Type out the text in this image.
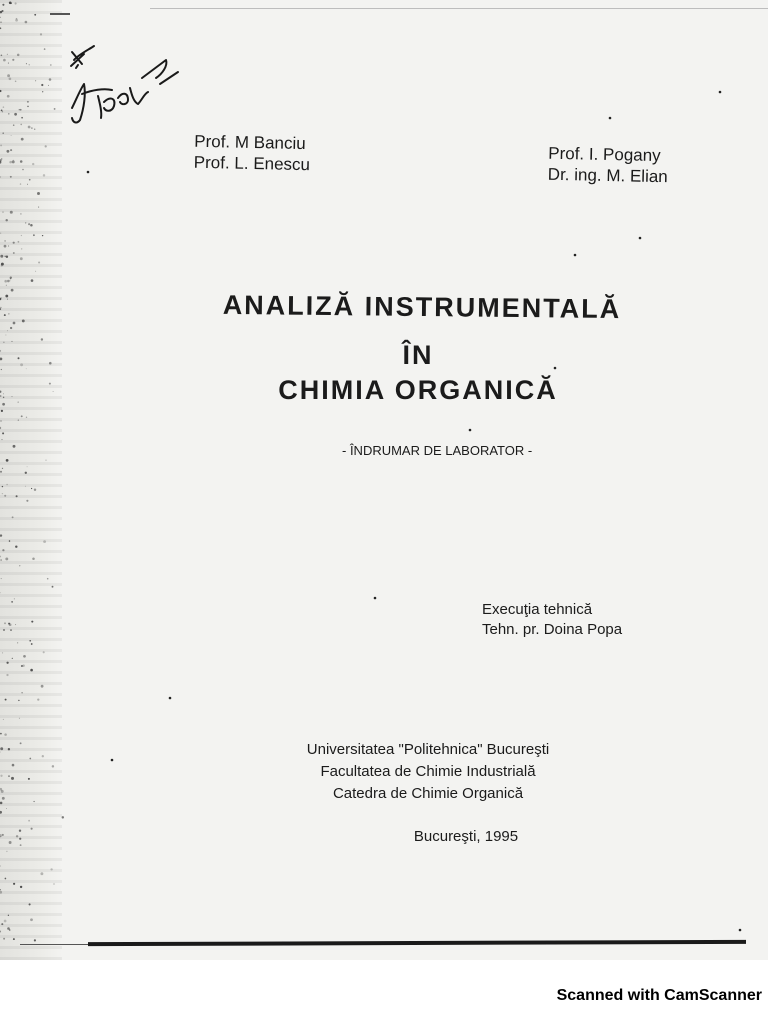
Prof. M Banciu
Prof. L. Enescu	Prof. I. Pogany
Dr. ing. M. Elian
ANALIZĂ INSTRUMENTALĂ
ÎN
CHIMIA ORGANICĂ
- ÎNDRUMAR DE LABORATOR -
Execuţia tehnică
Tehn. pr. Doina Popa
Universitatea "Politehnica" Bucureşti
Facultatea de Chimie Industrială
Catedra de Chimie Organică
Bucureşti, 1995
Scanned with CamScanner
